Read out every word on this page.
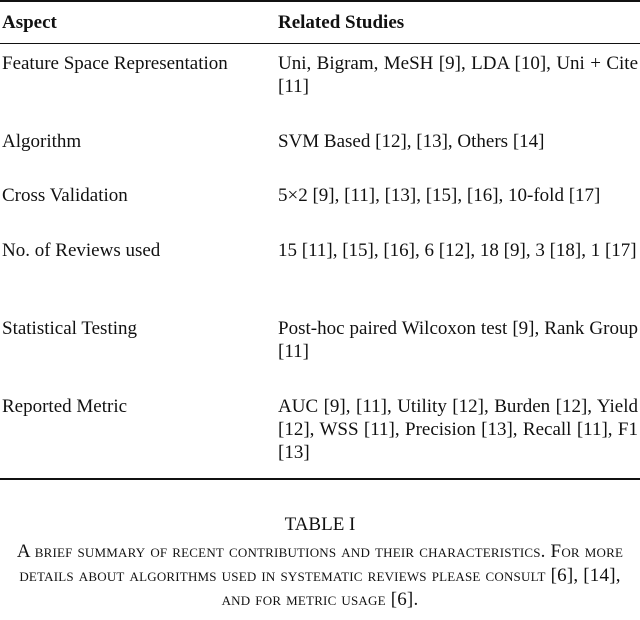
Aspect	Related Studies
Feature Space Representation	Uni, Bigram, MeSH [9], LDA [10], Uni + Cite [11]
Algorithm	SVM Based [12], [13], Others [14]
Cross Validation	5×2 [9], [11], [13], [15], [16], 10-fold [17]
No. of Reviews used	15 [11], [15], [16], 6 [12], 18 [9], 3 [18], 1 [17]
Statistical Testing	Post-hoc paired Wilcoxon test [9], Rank Group [11]
Reported Metric	AUC [9], [11], Utility [12], Burden [12], Yield [12], WSS [11], Precision [13], Recall [11], F1 [13]
TABLE I
A brief summary of recent contributions and their characteristics. For more details about algorithms used in systematic reviews please consult [6], [14], and for metric usage [6].
